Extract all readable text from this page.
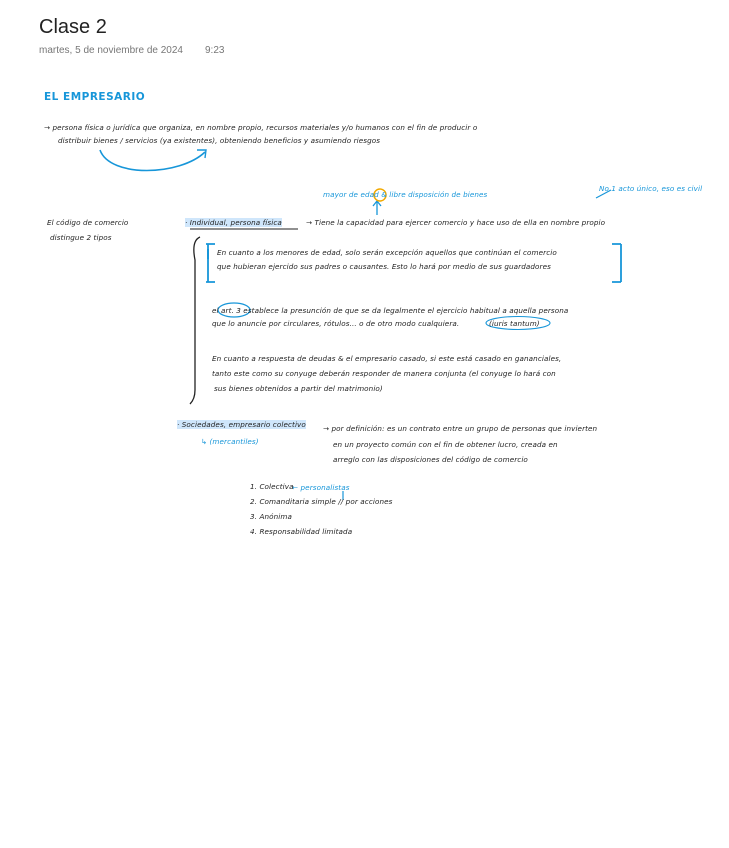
Clase 2
martes, 5 de noviembre de 2024 9:23
EL EMPRESARIO
→ persona física o jurídica que organiza, en nombre propio, recursos materiales y/o humanos con el fin de producir o
distribuir bienes / servicios (ya existentes), obteniendo beneficios y asumiendo riesgos
mayor de edad & libre disposición de bienes
No 1 acto único, eso es civil
El código de comercio
distingue 2 tipos
· Individual, persona física	→ Tiene la capacidad para ejercer comercio y hace uso de ella en nombre propio
En cuanto a los menores de edad, solo serán excepción aquellos que continúan el comercio
que hubieran ejercido sus padres o causantes. Esto lo hará por medio de sus guardadores
el art. 3 establece la presunción de que se da legalmente el ejercicio habitual a aquella persona
que lo anuncie por circulares, rótulos... o de otro modo cualquiera.	(iuris tantum)
En cuanto a respuesta de deudas & el empresario casado, si este está casado en gananciales,
tanto este como su conyuge deberán responder de manera conjunta (el conyuge lo hará con
sus bienes obtenidos a partir del matrimonio)
· Sociedades, empresario colectivo
↳ (mercantiles)
→ por definición: es un contrato entre un grupo de personas que invierten
en un proyecto común con el fin de obtener lucro, creada en
arreglo con las disposiciones del código de comercio
← personalistas
1. Colectiva
2. Comanditaria simple // por acciones
3. Anónima
4. Responsabilidad limitada
